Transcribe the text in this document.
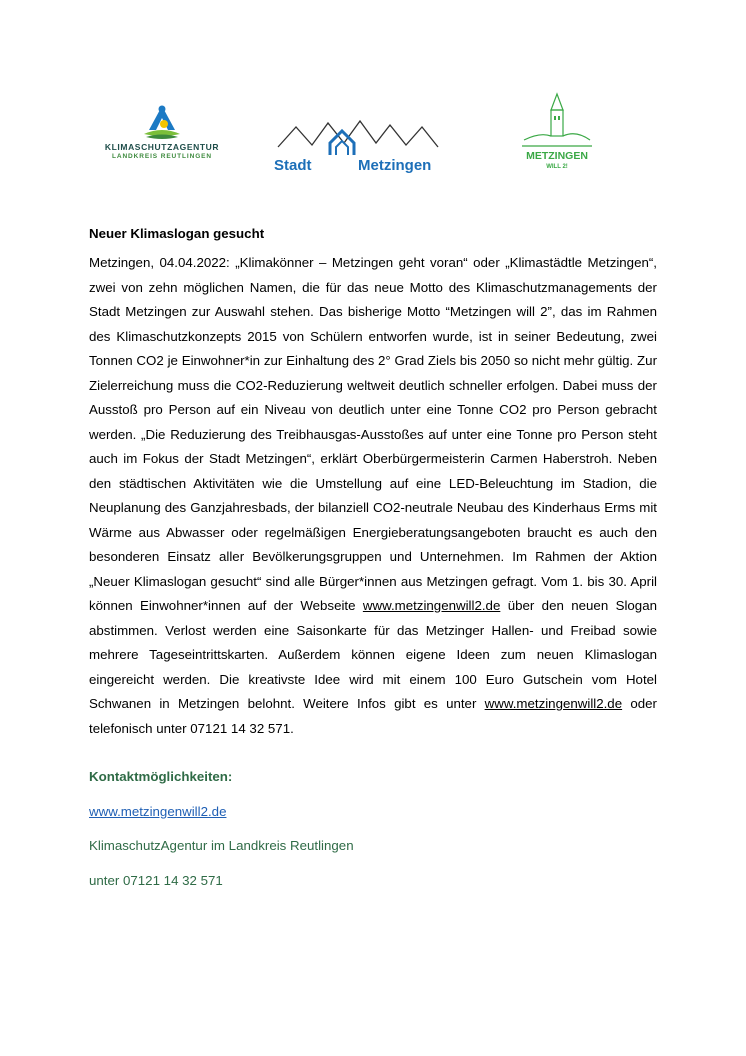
KLIMASCHUTZAGENTUR
LANDKREIS REUTLINGEN
Stadt	Metzingen
METZINGEN
WILL 2!
Neuer Klimaslogan gesucht

Metzingen, 04.04.2022: „Klimakönner – Metzingen geht voran“ oder „Klimastädtle Metzingen“, zwei von zehn möglichen Namen, die für das neue Motto des Klimaschutzmanagements der Stadt Metzingen zur Auswahl stehen. Das bisherige Motto “Metzingen will 2”, das im Rahmen des Klimaschutzkonzepts 2015 von Schülern entworfen wurde, ist in seiner Bedeutung, zwei Tonnen CO2 je Einwohner*in zur Einhaltung des 2° Grad Ziels bis 2050 so nicht mehr gültig. Zur Zielerreichung muss die CO2-Reduzierung weltweit deutlich schneller erfolgen. Dabei muss der Ausstoß pro Person auf ein Niveau von deutlich unter eine Tonne CO2 pro Person gebracht werden. „Die Reduzierung des Treibhausgas-Ausstoßes auf unter eine Tonne pro Person steht auch im Fokus der Stadt Metzingen“, erklärt Oberbürgermeisterin Carmen Haberstroh. Neben den städtischen Aktivitäten wie die Umstellung auf eine LED-Beleuchtung im Stadion, die Neuplanung des Ganzjahresbads, der bilanziell CO2-neutrale Neubau des Kinderhaus Erms mit Wärme aus Abwasser oder regelmäßigen Energieberatungsangeboten braucht es auch den besonderen Einsatz aller Bevölkerungsgruppen und Unternehmen. Im Rahmen der Aktion „Neuer Klimaslogan gesucht“ sind alle Bürger*innen aus Metzingen gefragt. Vom 1. bis 30. April können Einwohner*innen auf der Webseite www.metzingenwill2.de über den neuen Slogan abstimmen. Verlost werden eine Saisonkarte für das Metzinger Hallen- und Freibad sowie mehrere Tageseintrittskarten. Außerdem können eigene Ideen zum neuen Klimaslogan eingereicht werden. Die kreativste Idee wird mit einem 100 Euro Gutschein vom Hotel Schwanen in Metzingen belohnt. Weitere Infos gibt es unter www.metzingenwill2.de oder telefonisch unter 07121 14 32 571.

Kontaktmöglichkeiten:

www.metzingenwill2.de

KlimaschutzAgentur im Landkreis Reutlingen

unter 07121 14 32 571
